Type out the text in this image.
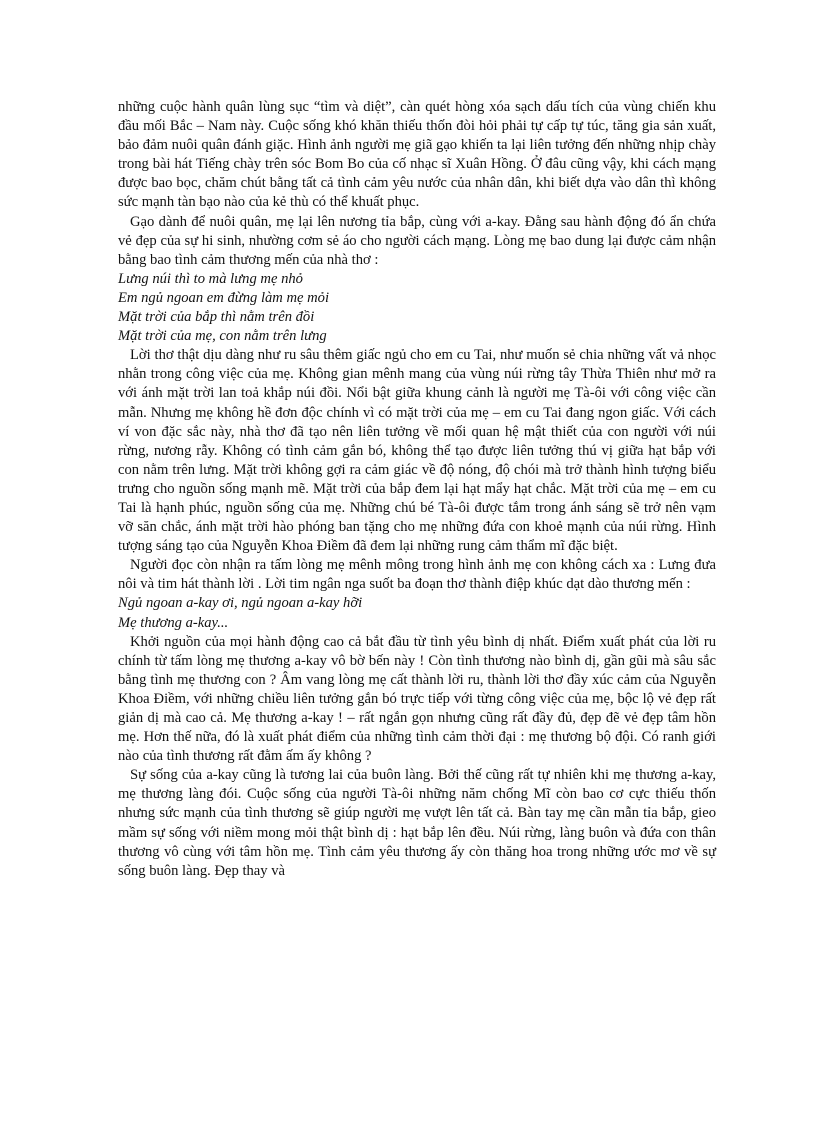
những cuộc hành quân lùng sục “tìm và diệt”, càn quét hòng xóa sạch dấu tích của vùng chiến khu đầu mối Bắc – Nam này. Cuộc sống khó khăn thiếu thốn đòi hỏi phải tự cấp tự túc, tăng gia sản xuất, bảo đảm nuôi quân đánh giặc. Hình ảnh người mẹ giã gạo khiến ta lại liên tưởng đến những nhịp chày trong bài hát Tiếng chày trên sóc Bom Bo của cố nhạc sĩ Xuân Hồng. Ở đâu cũng vậy, khi cách mạng được bao bọc, chăm chút bằng tất cả tình cảm yêu nước của nhân dân, khi biết dựa vào dân thì không sức mạnh tàn bạo nào của kẻ thù có thể khuất phục.

Gạo dành để nuôi quân, mẹ lại lên nương tỉa bắp, cùng với a-kay. Đằng sau hành động đó ẩn chứa vẻ đẹp của sự hi sinh, nhường cơm sẻ áo cho người cách mạng. Lòng mẹ bao dung lại được cảm nhận bằng bao tình cảm thương mến của nhà thơ :

Lưng núi thì to mà lưng mẹ nhỏ

Em ngủ ngoan em đừng làm mẹ mỏi

Mặt trời của bắp thì nằm trên đồi

Mặt trời của mẹ, con nằm trên lưng

Lời thơ thật dịu dàng như ru sâu thêm giấc ngủ cho em cu Tai, như muốn sẻ chia những vất vả nhọc nhằn trong công việc của mẹ. Không gian mênh mang của vùng núi rừng tây Thừa Thiên như mở ra với ánh mặt trời lan toả khắp núi đồi. Nổi bật giữa khung cảnh là người mẹ Tà-ôi với công việc cần mẫn. Nhưng mẹ không hề đơn độc chính vì có mặt trời của mẹ – em cu Tai đang ngon giấc. Với cách ví von đặc sắc này, nhà thơ đã tạo nên liên tưởng về mối quan hệ mật thiết của con người với núi rừng, nương rẫy. Không có tình cảm gắn bó, không thể tạo được liên tưởng thú vị giữa hạt bắp với con nằm trên lưng. Mặt trời không gợi ra cảm giác về độ nóng, độ chói mà trở thành hình tượng biểu trưng cho nguồn sống mạnh mẽ. Mặt trời của bắp đem lại hạt mẩy hạt chắc. Mặt trời của mẹ – em cu Tai là hạnh phúc, nguồn sống của mẹ. Những chú bé Tà-ôi được tắm trong ánh sáng sẽ trở nên vạm vỡ săn chắc, ánh mặt trời hào phóng ban tặng cho mẹ những đứa con khoẻ mạnh của núi rừng. Hình tượng sáng tạo của Nguyễn Khoa Điềm đã đem lại những rung cảm thẩm mĩ đặc biệt.

Người đọc còn nhận ra tấm lòng mẹ mênh mông trong hình ảnh mẹ con không cách xa : Lưng đưa nôi và tim hát thành lời . Lời tim ngân nga suốt ba đoạn thơ thành điệp khúc dạt dào thương mến :

Ngủ ngoan a-kay ơi, ngủ ngoan a-kay hỡi

Mẹ thương a-kay...

Khởi nguồn của mọi hành động cao cả bắt đầu từ tình yêu bình dị nhất. Điểm xuất phát của lời ru chính từ tấm lòng mẹ thương a-kay vô bờ bến này ! Còn tình thương nào bình dị, gần gũi mà sâu sắc bằng tình mẹ thương con ? Âm vang lòng mẹ cất thành lời ru, thành lời thơ đầy xúc cảm của Nguyễn Khoa Điềm, với những chiều liên tưởng gắn bó trực tiếp với từng công việc của mẹ, bộc lộ vẻ đẹp rất giản dị mà cao cả. Mẹ thương a-kay ! – rất ngắn gọn nhưng cũng rất đầy đủ, đẹp đẽ vẻ đẹp tâm hồn mẹ. Hơn thế nữa, đó là xuất phát điểm của những tình cảm thời đại : mẹ thương bộ đội. Có ranh giới nào của tình thương rất đằm ấm ấy không ?

Sự sống của a-kay cũng là tương lai của buôn làng. Bởi thế cũng rất tự nhiên khi mẹ thương a-kay, mẹ thương làng đói. Cuộc sống của người Tà-ôi những năm chống Mĩ còn bao cơ cực thiếu thốn nhưng sức mạnh của tình thương sẽ giúp người mẹ vượt lên tất cả. Bàn tay mẹ cần mẫn tỉa bắp, gieo mầm sự sống với niềm mong mỏi thật bình dị : hạt bắp lên đều. Núi rừng, làng buôn và đứa con thân thương vô cùng với tâm hồn mẹ. Tình cảm yêu thương ấy còn thăng hoa trong những ước mơ về sự sống buôn làng. Đẹp thay và
